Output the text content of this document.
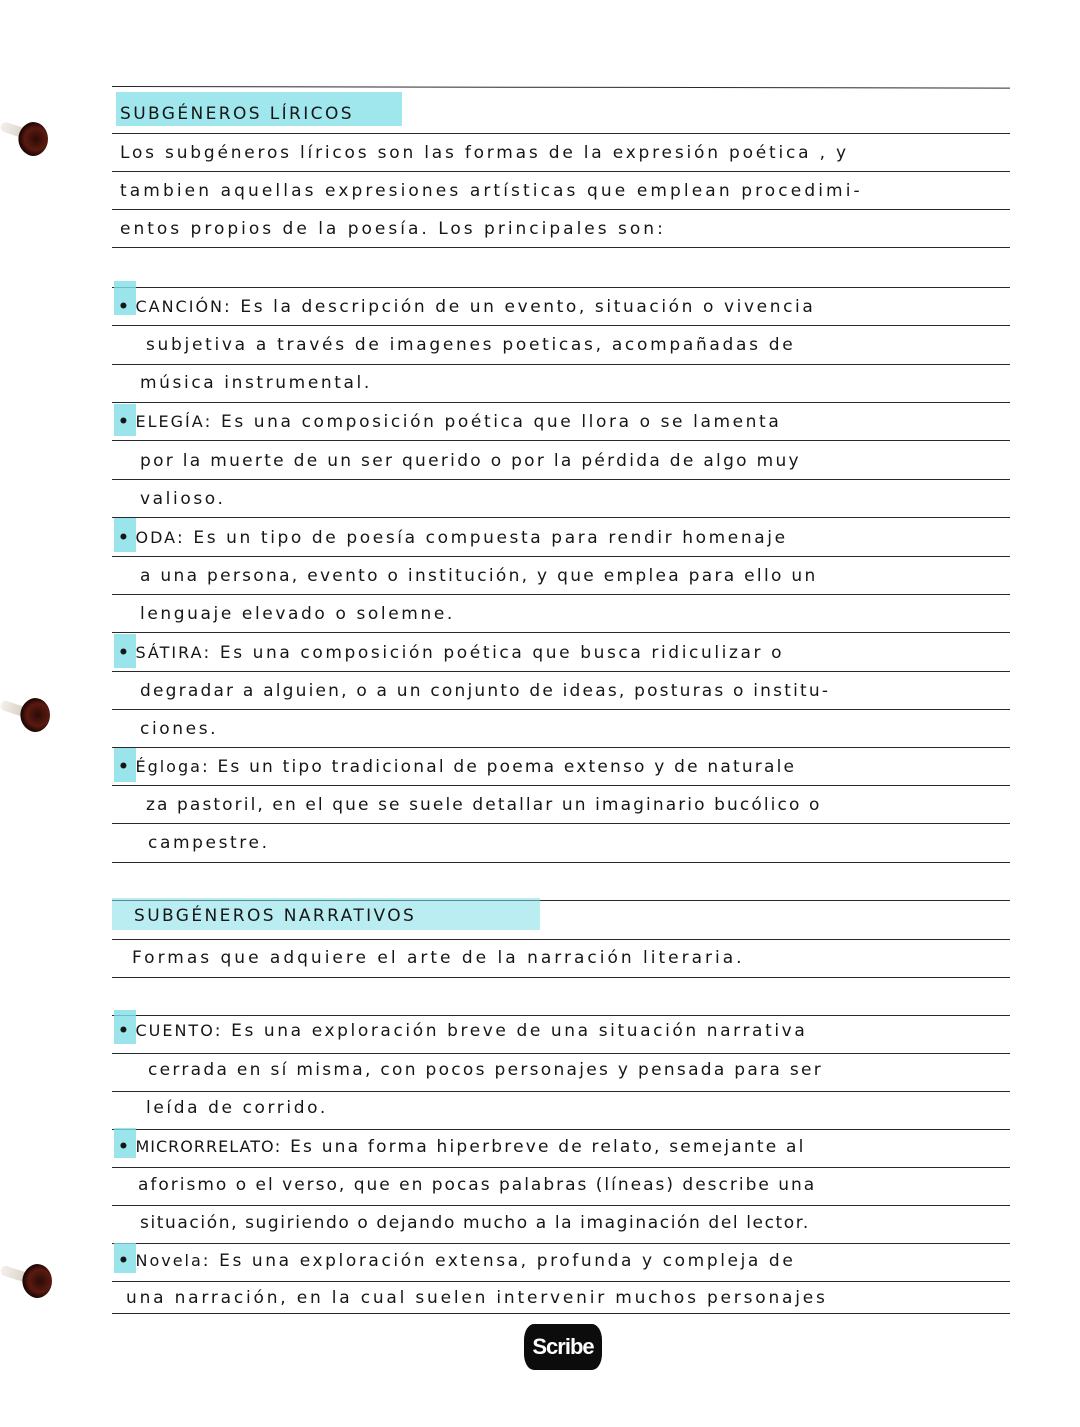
SUBGÉNEROS LÍRICOS
Los subgéneros líricos son las formas de la expresión poética , y
tambien aquellas expresiones artísticas que emplean procedimi-
entos propios de la poesía. Los principales son:
• CANCIÓN: Es la descripción de un evento, situación o vivencia
subjetiva a través de imagenes poeticas, acompañadas de
música instrumental.
• ELEGÍA: Es una composición poética que llora o se lamenta
por la muerte de un ser querido o por la pérdida de algo muy
valioso.
• ODA: Es un tipo de poesía compuesta para rendir homenaje
a una persona, evento o institución, y que emplea para ello un
lenguaje elevado o solemne.
• SÁTIRA: Es una composición poética que busca ridiculizar o
degradar a alguien, o a un conjunto de ideas, posturas o institu-
ciones.
• Égloga: Es un tipo tradicional de poema extenso y de naturale
za pastoril, en el que se suele detallar un imaginario bucólico o
campestre.
SUBGÉNEROS NARRATIVOS
Formas que adquiere el arte de la narración literaria.
• CUENTO: Es una exploración breve de una situación narrativa
cerrada en sí misma, con pocos personajes y pensada para ser
leída de corrido.
• MICRORRELATO: Es una forma hiperbreve de relato, semejante al
aforismo o el verso, que en pocas palabras (líneas) describe una
situación, sugiriendo o dejando mucho a la imaginación del lector.
• Novela: Es una exploración extensa, profunda y compleja de
una narración, en la cual suelen intervenir muchos personajes
Scribe
